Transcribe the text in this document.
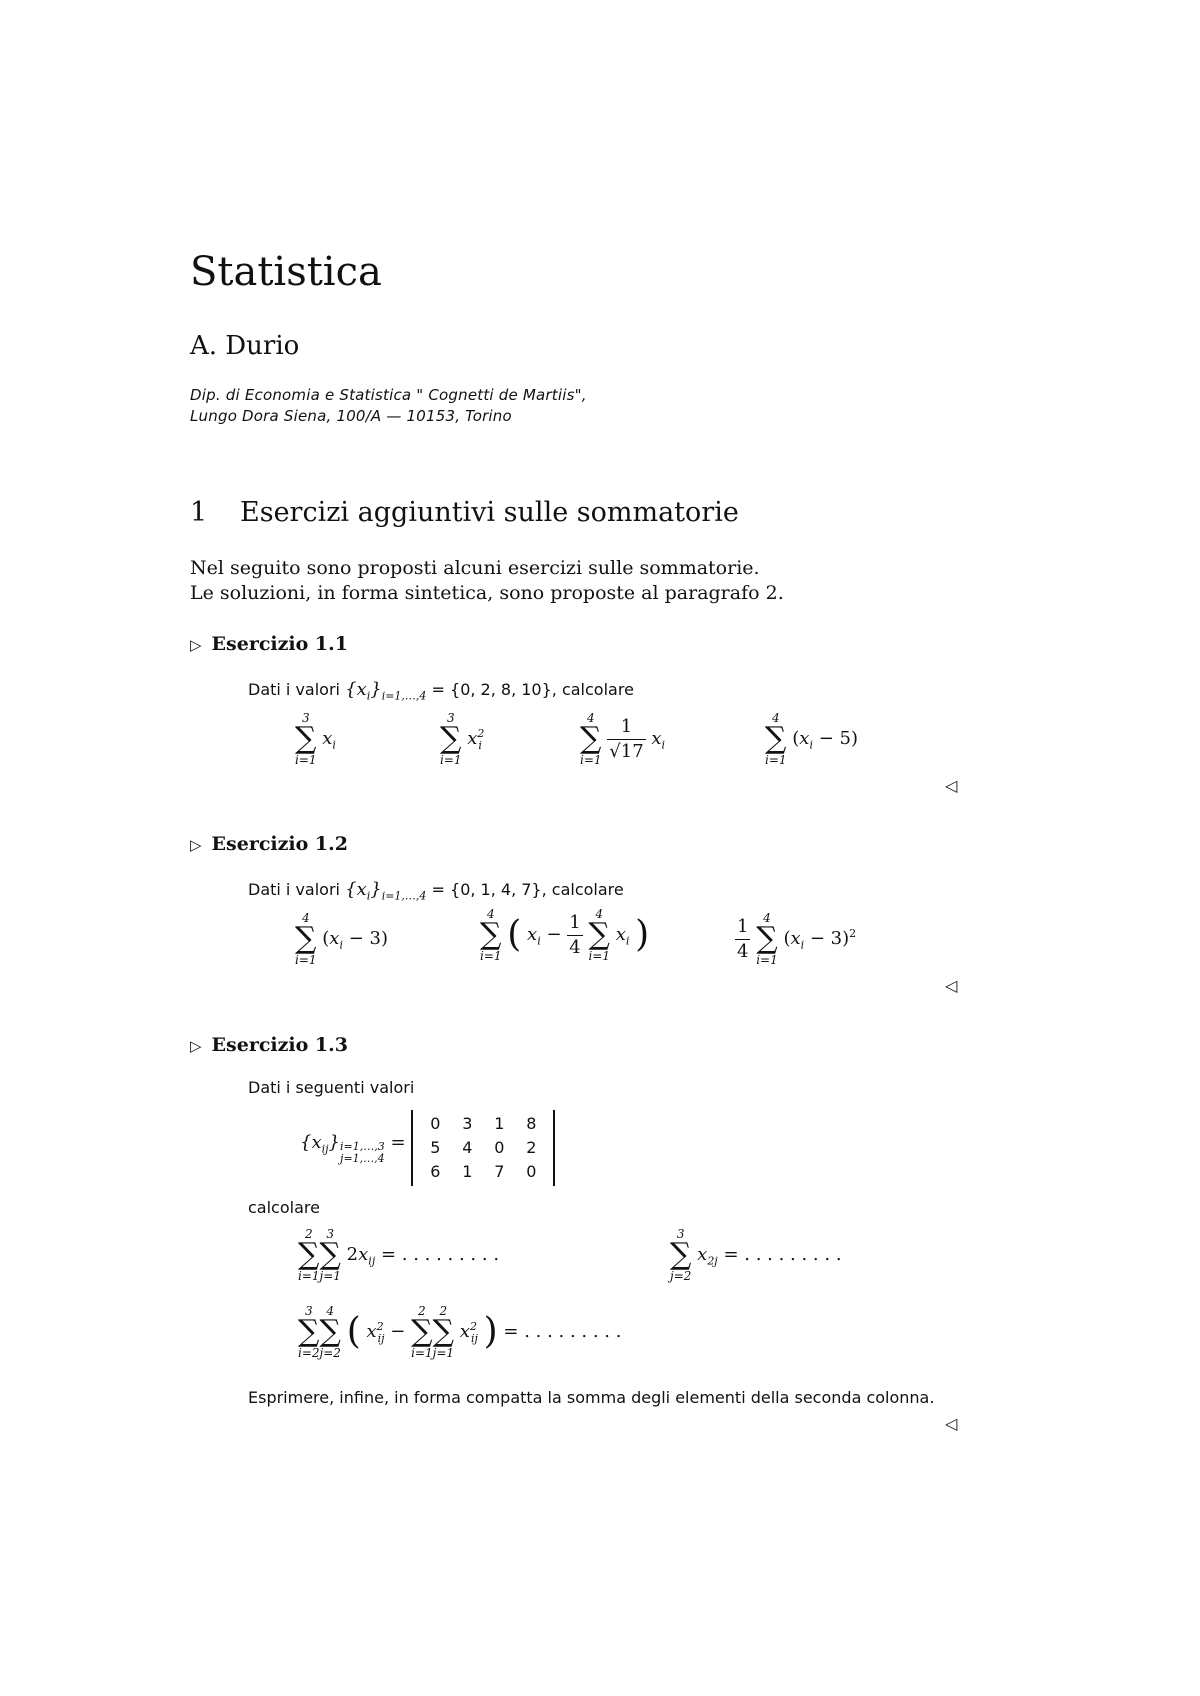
Statistica
A. Durio
Dip. di Economia e Statistica " Cognetti de Martiis",
Lungo Dora Siena, 100/A — 10153, Torino
1 Esercizi aggiuntivi sulle sommatorie
Nel seguito sono proposti alcuni esercizi sulle sommatorie.
Le soluzioni, in forma sintetica, sono proposte al paragrafo 2.
▷ Esercizio 1.1
Dati i valori $\{x_i\}_{i=1,\dots,4} = \{0$, 2, 8, 10}, calcolare
3
∑
i=1
$x_i$
3
∑
i=1
$x^2_i$
4
∑
i=1
$\frac{1}{√17} x_i$
4
∑
i=1
$(x_i - 5)$
◁
▷ Esercizio 1.2
Dati i valori $\{x_i\}_{i=1,\dots,4} = \{0$, 1, 4, 7}, calcolare
4
∑
i=1
$(x_i - 3)$
4
∑
i=1
( $x_i - \frac{1}{4}$
	4
∑
i=1
$x_i$ )	$\frac{1}{4}$
	4
∑
i=1
$(x_i - 3)^2$
◁
▷ Esercizio 1.3
Dati i seguenti valori
$\{x_{ij}\}i=1,\dots,3$
j=1,…,4 =
0	3	1	8
5	4	0	2
6	1	7	0
calcolare
2
∑
i=1
3
∑
j=1
$2x_{ij}$ = . . . . . . . . .
3
∑
j=2
$x_{2j}$ = . . . . . . . . .
3
∑
i=2
4
∑
j=2
( $x^2_{ij}$ −
2
∑
i=1
2
∑
j=1
$x^2_{ij}$ ) = . . . . . . . . .
Esprimere, infine, in forma compatta la somma degli elementi della seconda colonna.
◁
